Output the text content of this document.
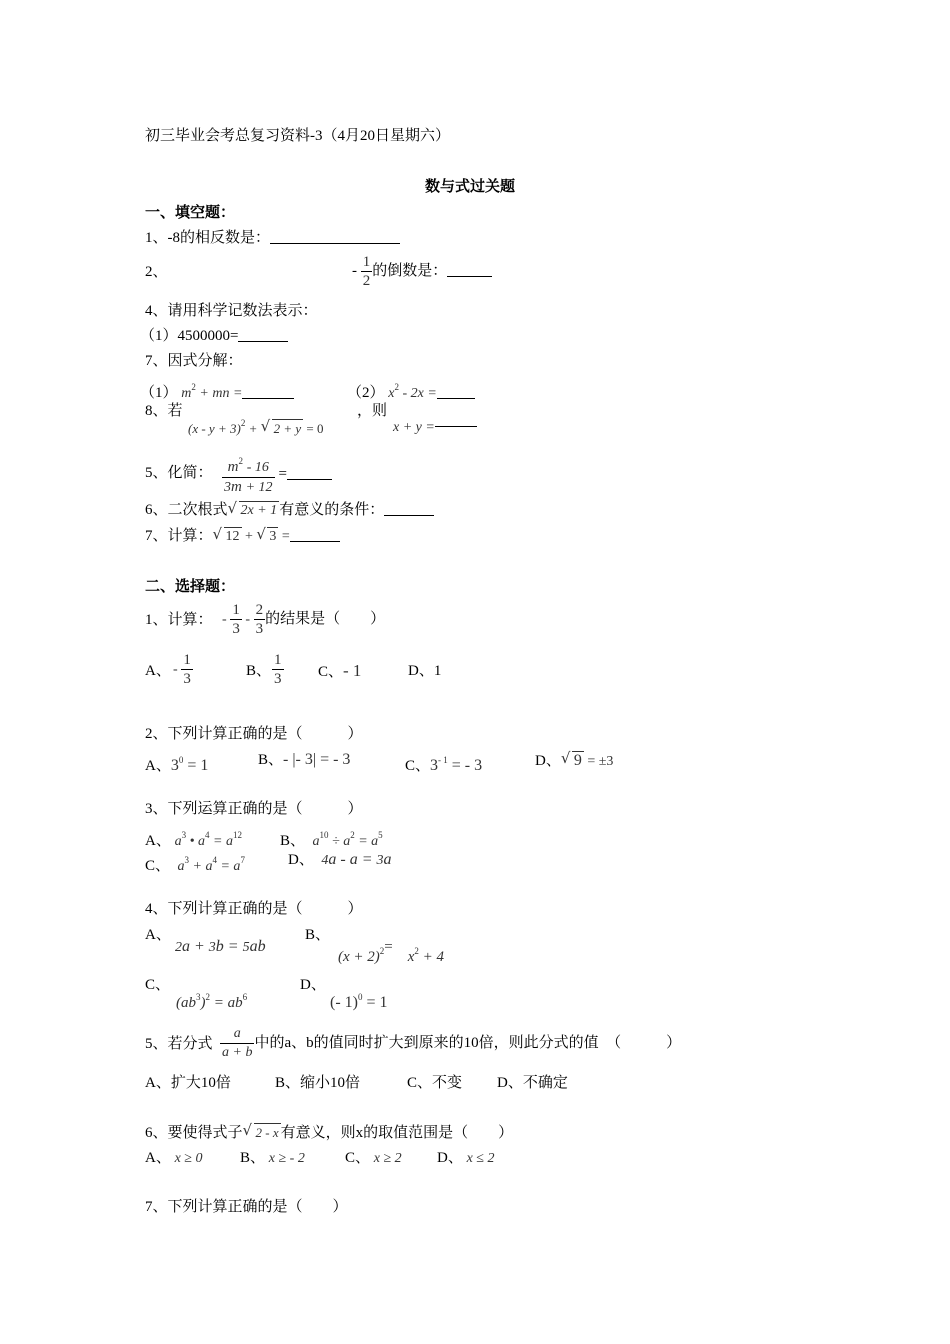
初三毕业会考总复习资料-3（4月20日星期六）
数与式过关题
一、填空题：
1、-8的相反数是：
2、	- $\frac{1}{2}$ 的倒数是：
4、请用科学记数法表示：
（1）4500000=
7、因式分解：
（1） $m^2$ + mn =	（2） $x^2 - 2x$ =
8、若
$(x - y + 3)^2$ + √ 2 + y = 0
，则
x + y =
5、化简： $\frac{m^2 - 16}{3m + 12}$ =
6、二次根式 √ 2x + 1 有意义的条件：
7、计算： √ 12 + √ 3 =
二、选择题：
1、计算： - $\frac{1}{3} - \frac{2}{3}$ 的结果是（　　）
A、 - $\frac{1}{3}$	B、 $\frac{1}{3}$ C、- 1	D、1
2、下列计算正确的是（　　　）
A、$3^0 = 1$	B、- |- 3| = - 3	C、$3^{- 1}$ = - 3	D、 √ 9 = ±3
3、下列运算正确的是（　　　）
A、 $a^3$ • $a^4 = a^{12}$	B、　 $a^{10} \div a^2 = a^5$
C、　 $a^3 + a^4 = a^7$	D、　 4a - a = 3a
4、下列计算正确的是（　　　）
A、
2a + 3b = 5ab
B、
$(x + 2)^2=$　$x^2 + 4$
C、
$(ab^3)^2 = ab^6$
D、
(- 1)$^0$ = 1
5、若分式 $\frac{a}{a + b}$ 中的a、b的值同时扩大到原来的10倍，则此分式的值　（　　　）
A、扩大10倍	B、缩小10倍	C、不变 D、不确定
6、要使得式子 √ 2 - x 有意义，则x的取值范围是（　　）
A、 x ≥ 0	B、 x ≥ - 2	C、 x ≥ 2 D、 x ≤ 2
7、下列计算正确的是（　　）
